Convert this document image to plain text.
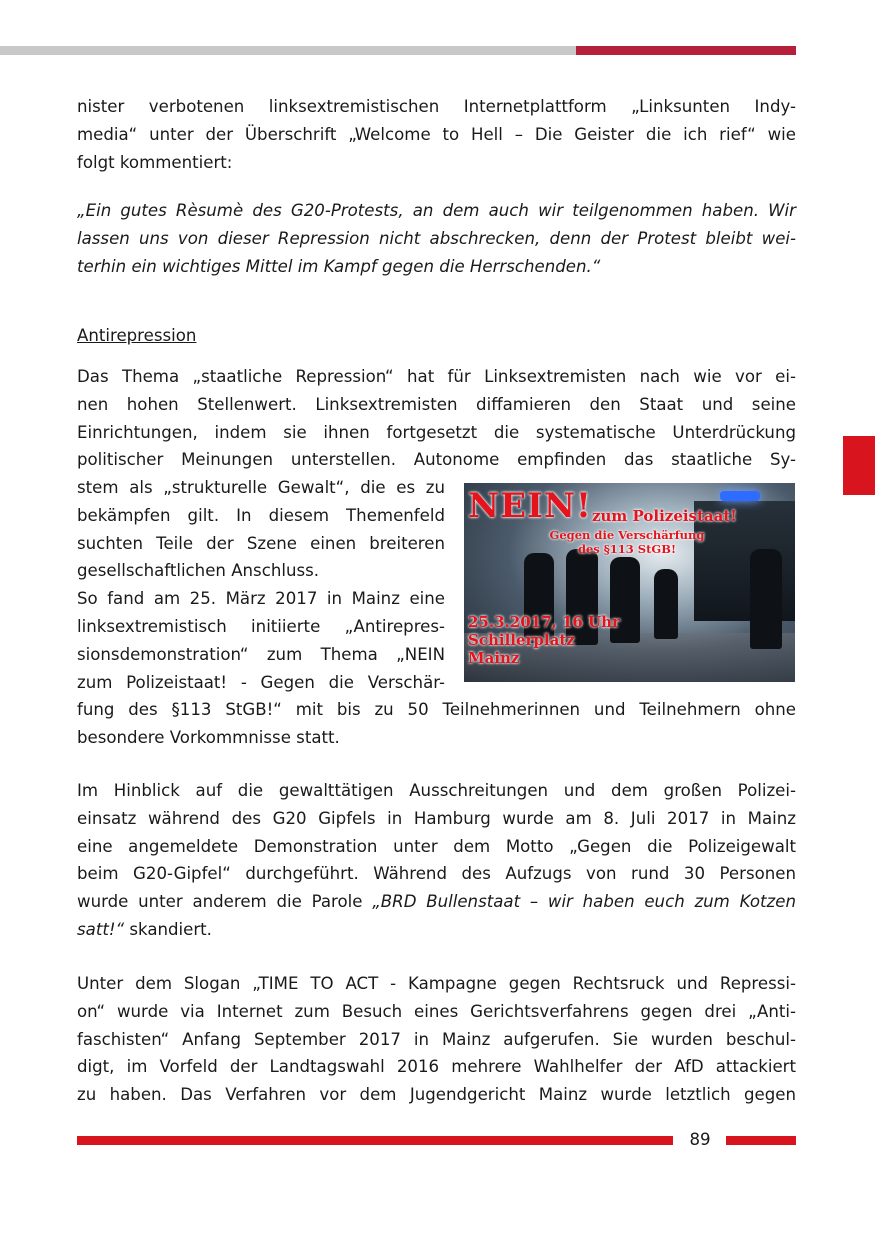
nister verbotenen linksextremistischen Internetplattform „Linksunten Indy-

media“ unter der Überschrift „Welcome to Hell – Die Geister die ich rief“ wie

folgt kommentiert:

„Ein gutes Rèsumè des G20-Protests, an dem auch wir teilgenommen haben. Wir

lassen uns von dieser Repression nicht abschrecken, denn der Protest bleibt wei-

terhin ein wichtiges Mittel im Kampf gegen die Herrschenden.“

Antirepression

Das Thema „staatliche Repression“ hat für Linksextremisten nach wie vor ei-

nen hohen Stellenwert. Linksextremisten diffamieren den Staat und seine

Einrichtungen, indem sie ihnen fortgesetzt die systematische Unterdrückung

politischer Meinungen unterstellen. Autonome empfinden das staatliche Sy-

stem als „strukturelle Gewalt“, die es zu

bekämpfen gilt. In diesem Themenfeld

suchten Teile der Szene einen breiteren

gesellschaftlichen Anschluss.

So fand am 25. März 2017 in Mainz eine

linksextremistisch initiierte „Antirepres-

sionsdemonstration“ zum Thema „NEIN

zum Polizeistaat! - Gegen die Verschär-

NEIN! zum Polizeistaat!
Gegen die Verschärfung
des §113 StGB!
25.3.2017, 16 Uhr
Schillerplatz
Mainz

fung des §113 StGB!“ mit bis zu 50 Teilnehmerinnen und Teilnehmern ohne

besondere Vorkommnisse statt.

Im Hinblick auf die gewalttätigen Ausschreitungen und dem großen Polizei-

einsatz während des G20 Gipfels in Hamburg wurde am 8. Juli 2017 in Mainz

eine angemeldete Demonstration unter dem Motto „Gegen die Polizeigewalt

beim G20-Gipfel“ durchgeführt. Während des Aufzugs von rund 30 Personen

wurde unter anderem die Parole „BRD Bullenstaat – wir haben euch zum Kotzen

satt!“ skandiert.

Unter dem Slogan „TIME TO ACT - Kampagne gegen Rechtsruck und Repressi-

on“ wurde via Internet zum Besuch eines Gerichtsverfahrens gegen drei „Anti-

faschisten“ Anfang September 2017 in Mainz aufgerufen. Sie wurden beschul-

digt, im Vorfeld der Landtagswahl 2016 mehrere Wahlhelfer der AfD attackiert

zu haben. Das Verfahren vor dem Jugendgericht Mainz wurde letztlich gegen

89
